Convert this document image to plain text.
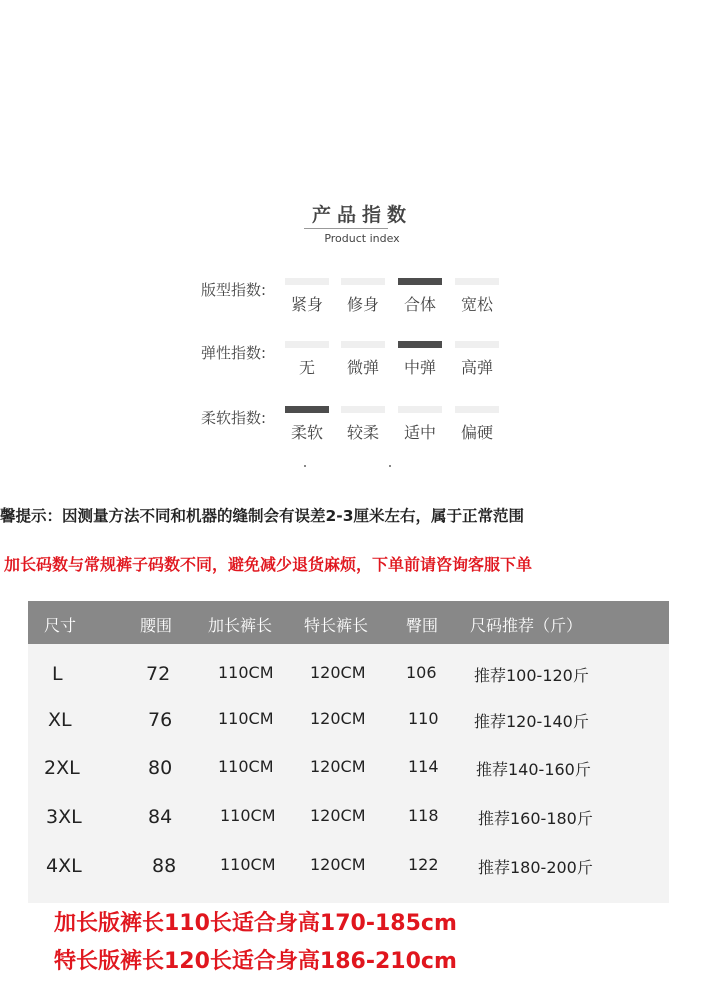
产品指数
Product index
版型指数:
紧身	修身	合体	宽松
弹性指数:
无	微弹	中弹	高弹
柔软指数:
柔软	较柔	适中	偏硬
馨提示：因测量方法不同和机器的缝制会有误差2-3厘米左右，属于正常范围
加长码数与常规裤子码数不同，避免减少退货麻烦，下单前请咨询客服下单
尺寸	腰围 加长裤长 特长裤长 臀围 尺码推荐（斤）
L	72	110CM 120CM	106 推荐100-120斤
XL	76	110CM 120CM	110 推荐120-140斤
2XL	80	110CM 120CM	114 推荐140-160斤
3XL	84	110CM 120CM	118 推荐160-180斤
4XL	88	110CM 120CM	122 推荐180-200斤
加长版裤长110长适合身高170-185cm
特长版裤长120长适合身高186-210cm
